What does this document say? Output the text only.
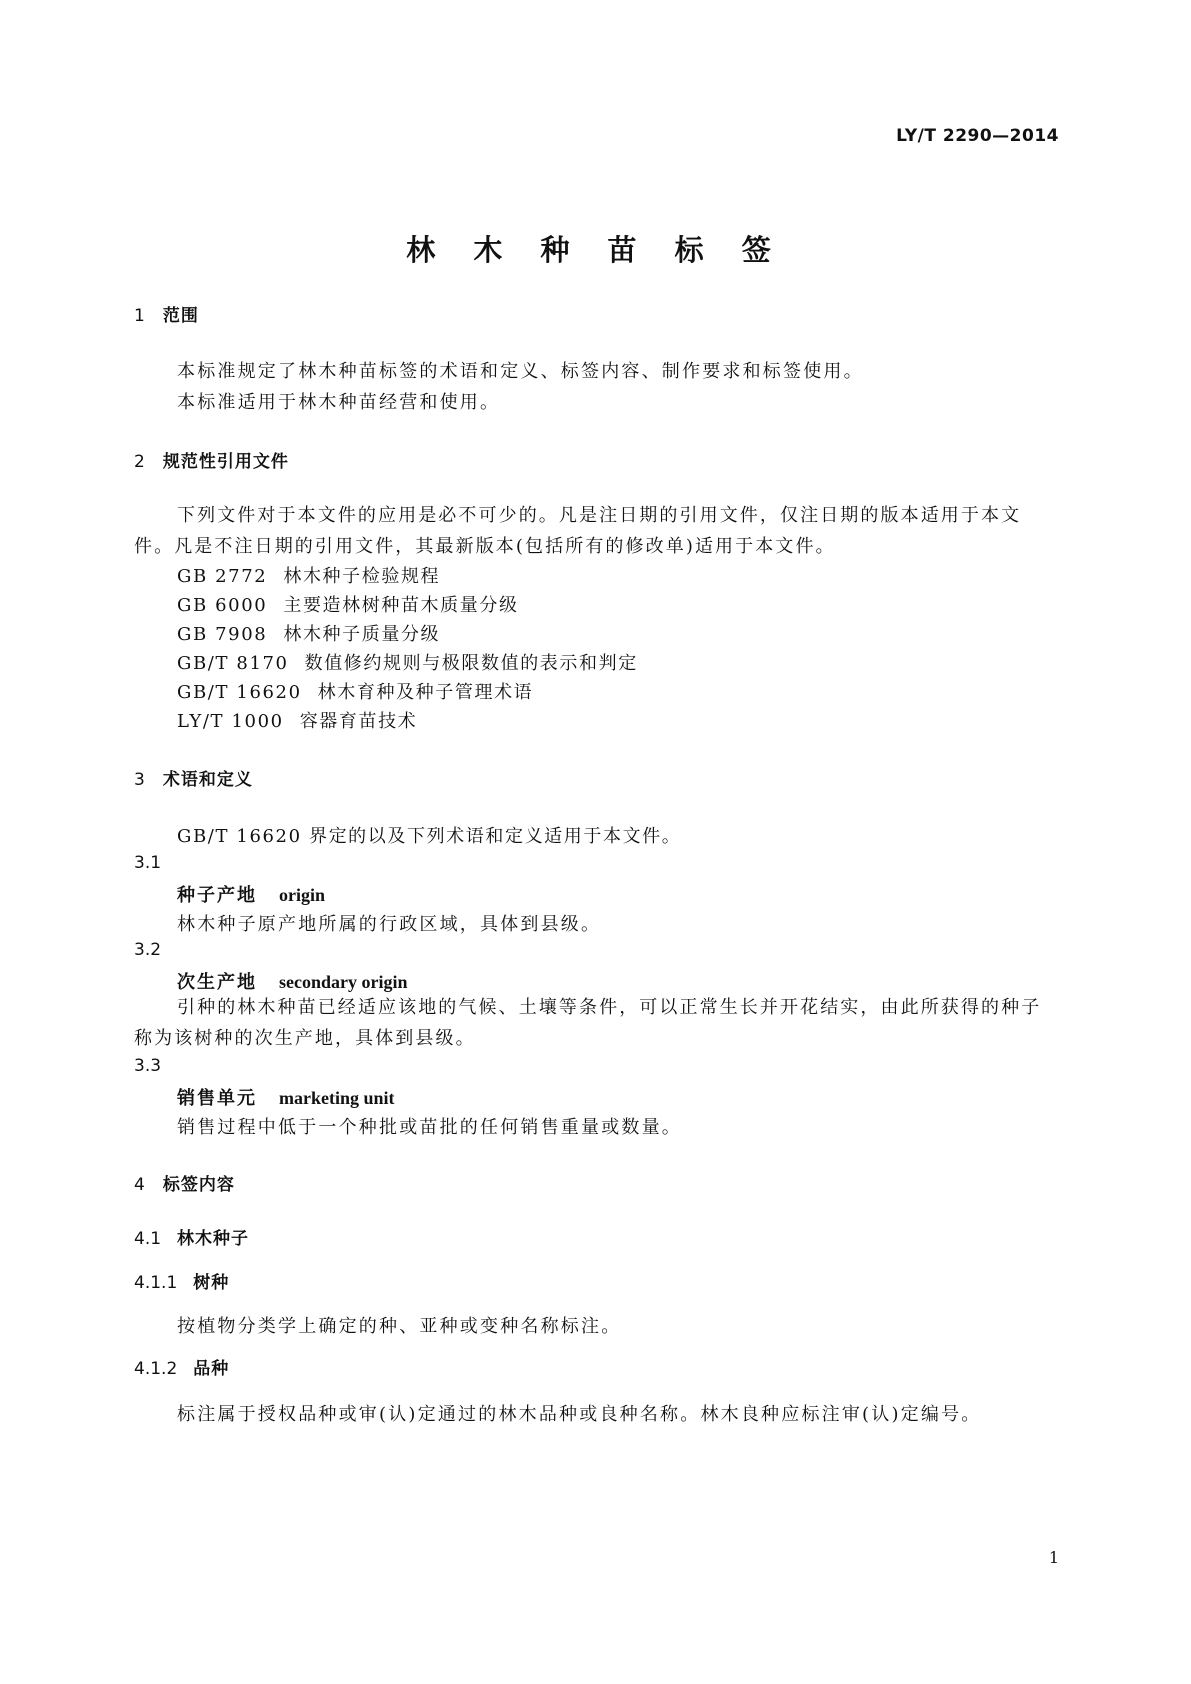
LY/T 2290—2014
林 木 种 苗 标 签
1 范围
本标准规定了林木种苗标签的术语和定义、标签内容、制作要求和标签使用。
本标准适用于林木种苗经营和使用。
2 规范性引用文件
下列文件对于本文件的应用是必不可少的。凡是注日期的引用文件，仅注日期的版本适用于本文件。凡是不注日期的引用文件，其最新版本(包括所有的修改单)适用于本文件。
GB 2772 林木种子检验规程
GB 6000 主要造林树种苗木质量分级
GB 7908 林木种子质量分级
GB/T 8170 数值修约规则与极限数值的表示和判定
GB/T 16620 林木育种及种子管理术语
LY/T 1000 容器育苗技术
3 术语和定义
GB/T 16620 界定的以及下列术语和定义适用于本文件。
3.1
种子产地 origin
林木种子原产地所属的行政区域，具体到县级。
3.2
次生产地 secondary origin
引种的林木种苗已经适应该地的气候、土壤等条件，可以正常生长并开花结实，由此所获得的种子称为该树种的次生产地，具体到县级。
3.3
销售单元 marketing unit
销售过程中低于一个种批或苗批的任何销售重量或数量。
4 标签内容
4.1 林木种子
4.1.1 树种
按植物分类学上确定的种、亚种或变种名称标注。
4.1.2 品种
标注属于授权品种或审(认)定通过的林木品种或良种名称。林木良种应标注审(认)定编号。
1
